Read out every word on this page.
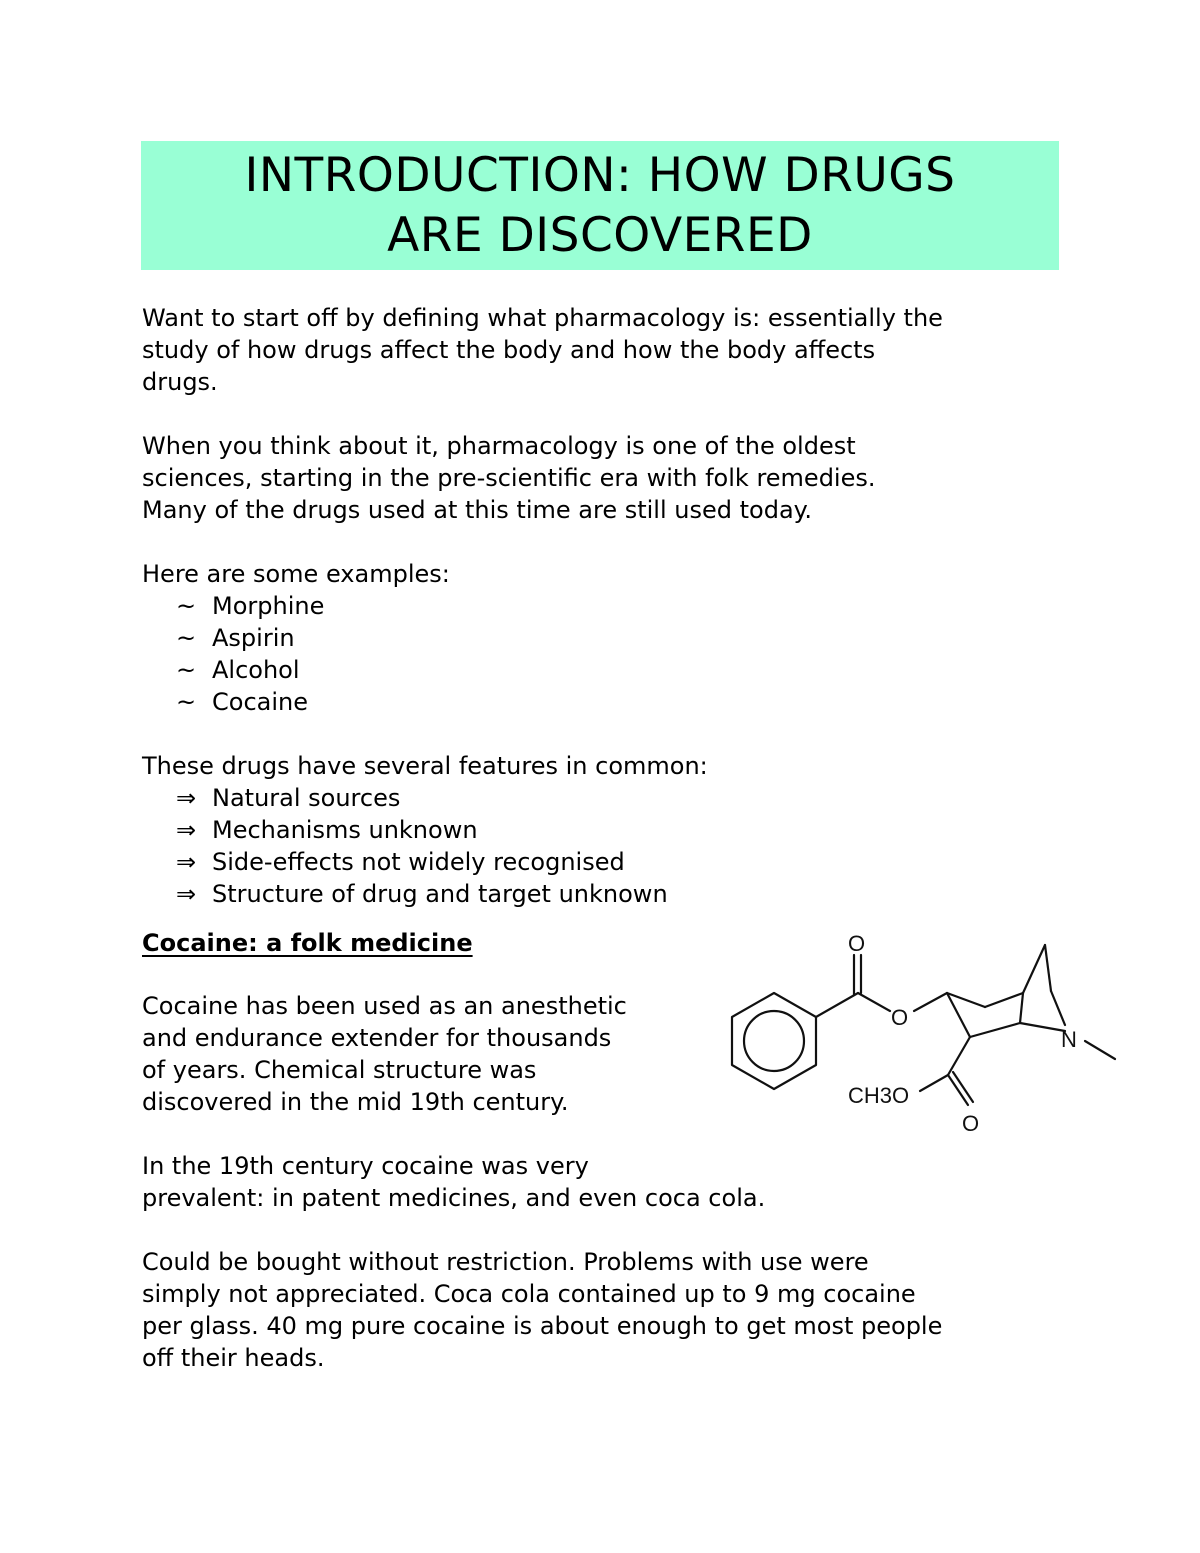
INTRODUCTION: HOW DRUGS
ARE DISCOVERED
Want to start off by defining what pharmacology is: essentially the
study of how drugs affect the body and how the body affects
drugs.
When you think about it, pharmacology is one of the oldest
sciences, starting in the pre-scientific era with folk remedies.
Many of the drugs used at this time are still used today.
Here are some examples:
~ Morphine
~ Aspirin
~ Alcohol
~ Cocaine
These drugs have several features in common:
⇒ Natural sources
⇒ Mechanisms unknown
⇒ Side-effects not widely recognised
⇒ Structure of drug and target unknown
Cocaine: a folk medicine
Cocaine has been used as an anesthetic
and endurance extender for thousands
of years. Chemical structure was
discovered in the mid 19th century.
In the 19th century cocaine was very
prevalent: in patent medicines, and even coca cola.
Could be bought without restriction. Problems with use were
simply not appreciated. Coca cola contained up to 9 mg cocaine
per glass. 40 mg pure cocaine is about enough to get most people
off their heads.
O
O
N
CH3O
O
